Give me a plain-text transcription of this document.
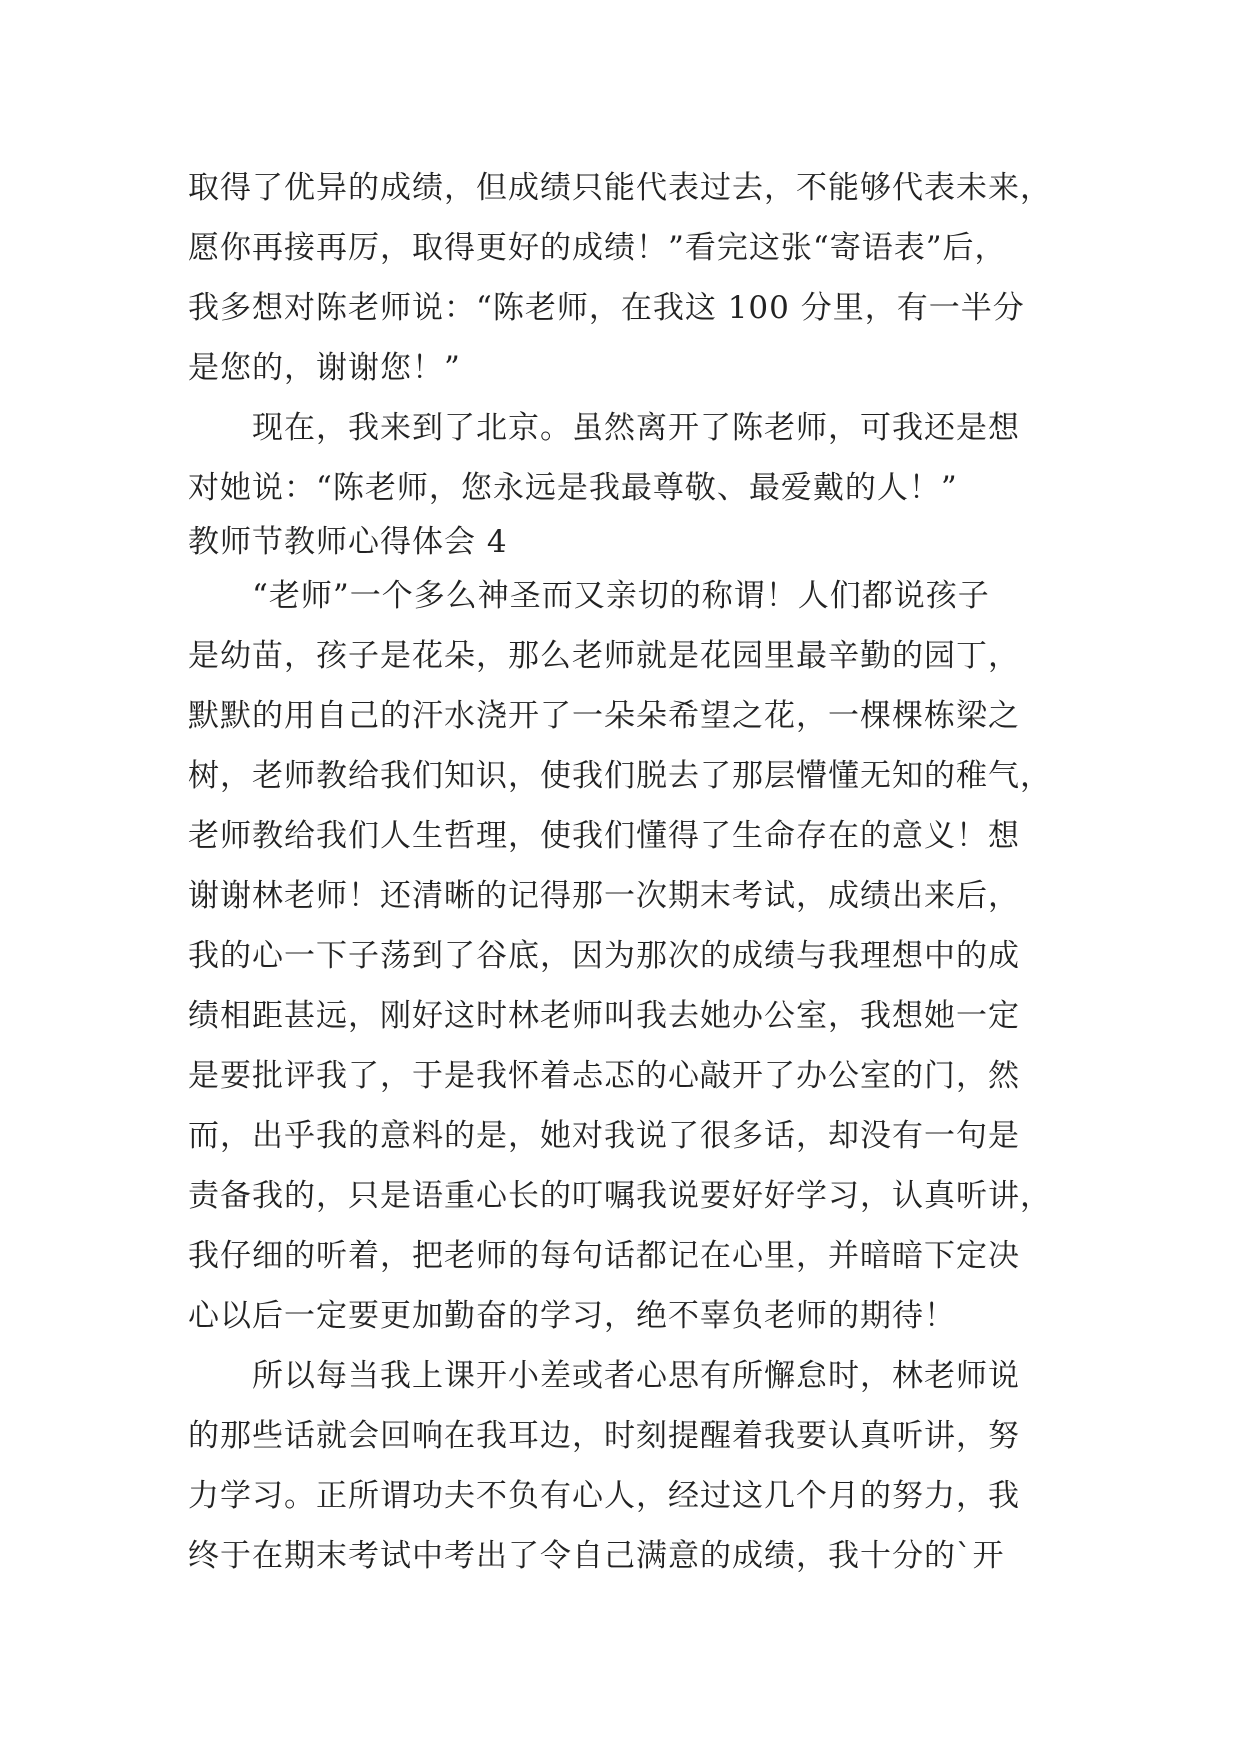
取得了优异的成绩，但成绩只能代表过去，不能够代表未来，
愿你再接再厉，取得更好的成绩！”看完这张“寄语表”后，
我多想对陈老师说：“陈老师，在我这 100 分里，有一半分
是您的，谢谢您！”
现在，我来到了北京。虽然离开了陈老师，可我还是想
对她说：“陈老师，您永远是我最尊敬、最爱戴的人！”
教师节教师心得体会 4
“老师”一个多么神圣而又亲切的称谓！人们都说孩子
是幼苗，孩子是花朵，那么老师就是花园里最辛勤的园丁，
默默的用自己的汗水浇开了一朵朵希望之花，一棵棵栋梁之
树，老师教给我们知识，使我们脱去了那层懵懂无知的稚气，
老师教给我们人生哲理，使我们懂得了生命存在的意义！想
谢谢林老师！还清晰的记得那一次期末考试，成绩出来后，
我的心一下子荡到了谷底，因为那次的成绩与我理想中的成
绩相距甚远，刚好这时林老师叫我去她办公室，我想她一定
是要批评我了，于是我怀着忐忑的心敲开了办公室的门，然
而，出乎我的意料的是，她对我说了很多话，却没有一句是
责备我的，只是语重心长的叮嘱我说要好好学习，认真听讲，
我仔细的听着，把老师的每句话都记在心里，并暗暗下定决
心以后一定要更加勤奋的学习，绝不辜负老师的期待！
所以每当我上课开小差或者心思有所懈怠时，林老师说
的那些话就会回响在我耳边，时刻提醒着我要认真听讲，努
力学习。正所谓功夫不负有心人，经过这几个月的努力，我
终于在期末考试中考出了令自己满意的成绩，我十分的`开
